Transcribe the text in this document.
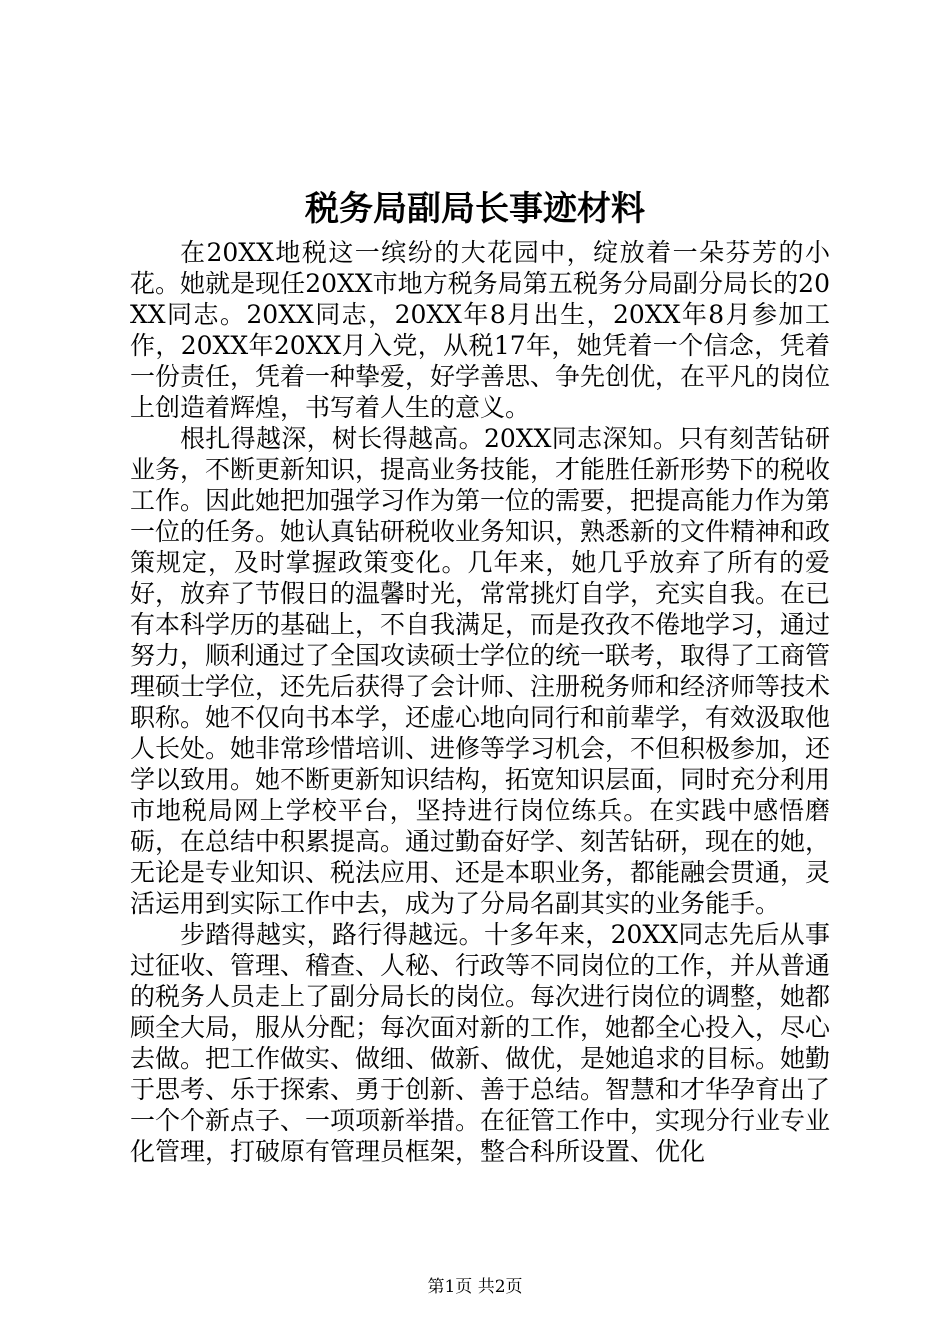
税务局副局长事迹材料

在20XX地税这一缤纷的大花园中，绽放着一朵芬芳的小花。她就是现任20XX市地方税务局第五税务分局副分局长的20XX同志。20XX同志，20XX年8月出生，20XX年8月参加工作，20XX年20XX月入党，从税17年，她凭着一个信念，凭着一份责任，凭着一种挚爱，好学善思、争先创优，在平凡的岗位上创造着辉煌，书写着人生的意义。

根扎得越深，树长得越高。20XX同志深知。只有刻苦钻研业务，不断更新知识，提高业务技能，才能胜任新形势下的税收工作。因此她把加强学习作为第一位的需要，把提高能力作为第一位的任务。她认真钻研税收业务知识，熟悉新的文件精神和政策规定，及时掌握政策变化。几年来，她几乎放弃了所有的爱好，放弃了节假日的温馨时光，常常挑灯自学，充实自我。在已有本科学历的基础上，不自我满足，而是孜孜不倦地学习，通过努力，顺利通过了全国攻读硕士学位的统一联考，取得了工商管理硕士学位，还先后获得了会计师、注册税务师和经济师等技术职称。她不仅向书本学，还虚心地向同行和前辈学，有效汲取他人长处。她非常珍惜培训、进修等学习机会，不但积极参加，还学以致用。她不断更新知识结构，拓宽知识层面，同时充分利用市地税局网上学校平台，坚持进行岗位练兵。在实践中感悟磨砺，在总结中积累提高。通过勤奋好学、刻苦钻研，现在的她，无论是专业知识、税法应用、还是本职业务，都能融会贯通，灵活运用到实际工作中去，成为了分局名副其实的业务能手。

步踏得越实，路行得越远。十多年来，20XX同志先后从事过征收、管理、稽查、人秘、行政等不同岗位的工作，并从普通的税务人员走上了副分局长的岗位。每次进行岗位的调整，她都顾全大局，服从分配；每次面对新的工作，她都全心投入，尽心去做。把工作做实、做细、做新、做优，是她追求的目标。她勤于思考、乐于探索、勇于创新、善于总结。智慧和才华孕育出了一个个新点子、一项项新举措。在征管工作中，实现分行业专业化管理，打破原有管理员框架，整合科所设置、优化

第1页 共2页
